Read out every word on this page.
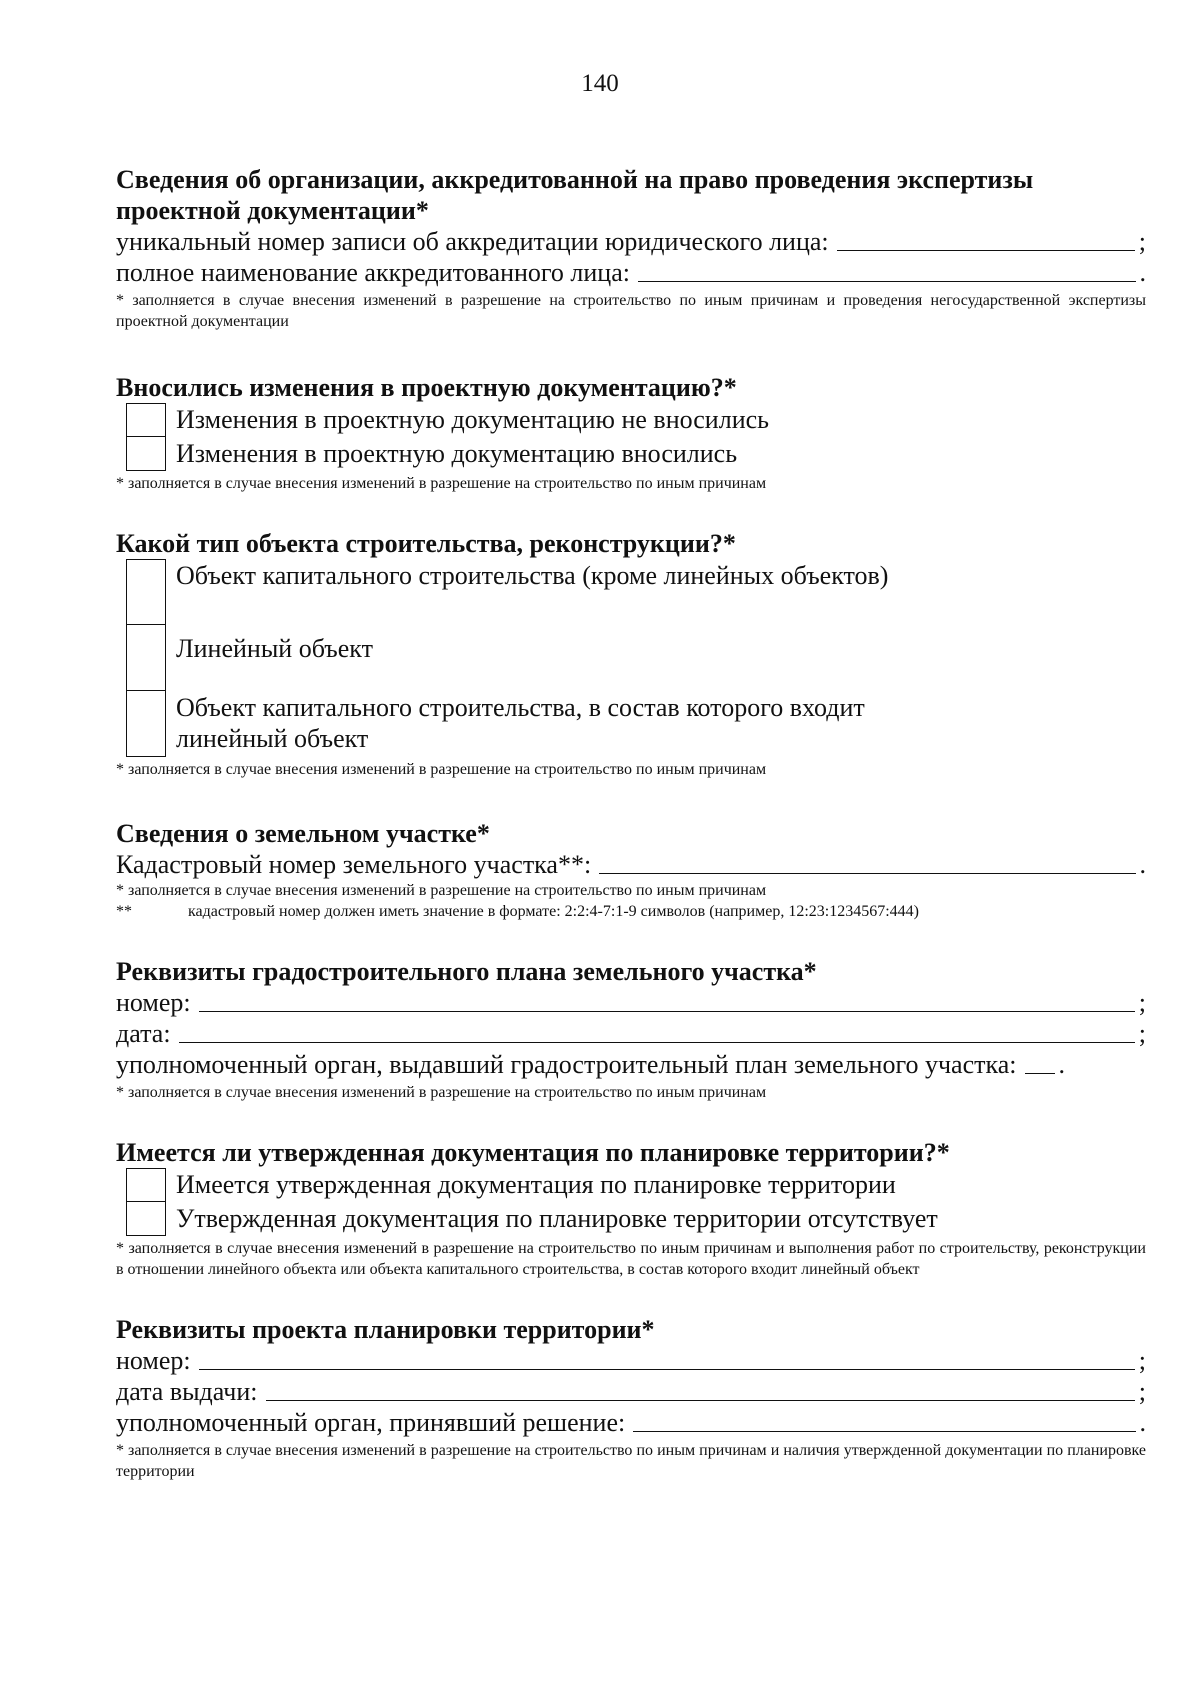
140

Сведения об организации, аккредитованной на право проведения экспертизы проектной документации*

уникальный номер записи об аккредитации юридического лица:	;
полное наименование аккредитованного лица:	.

* заполняется в случае внесения изменений в разрешение на строительство по иным причинам и проведения негосударственной экспертизы проектной документации

Вносились изменения в проектную документацию?*

Изменения в проектную документацию не вносились
Изменения в проектную документацию вносились

* заполняется в случае внесения изменений в разрешение на строительство по иным причинам

Какой тип объекта строительства, реконструкции?*

Объект капитального строительства (кроме линейных объектов)
Линейный объект
Объект капитального строительства, в состав которого входит линейный объект

* заполняется в случае внесения изменений в разрешение на строительство по иным причинам

Сведения о земельном участке*

Кадастровый номер земельного участка**:	.

* заполняется в случае внесения изменений в разрешение на строительство по иным причинам

**	кадастровый номер должен иметь значение в формате: 2:2:4-7:1-9 символов (например, 12:23:1234567:444)

Реквизиты градостроительного плана земельного участка*

номер:	;
дата:	;
уполномоченный орган, выдавший градостроительный план земельного участка: .

* заполняется в случае внесения изменений в разрешение на строительство по иным причинам

Имеется ли утвержденная документация по планировке территории?*

Имеется утвержденная документация по планировке территории
Утвержденная документация по планировке территории отсутствует

* заполняется в случае внесения изменений в разрешение на строительство по иным причинам и выполнения работ по строительству, реконструкции в отношении линейного объекта или объекта капитального строительства, в состав которого входит линейный объект

Реквизиты проекта планировки территории*

номер:	;
дата выдачи:	;
уполномоченный орган, принявший решение:	.

* заполняется в случае внесения изменений в разрешение на строительство по иным причинам и наличия утвержденной документации по планировке территории
